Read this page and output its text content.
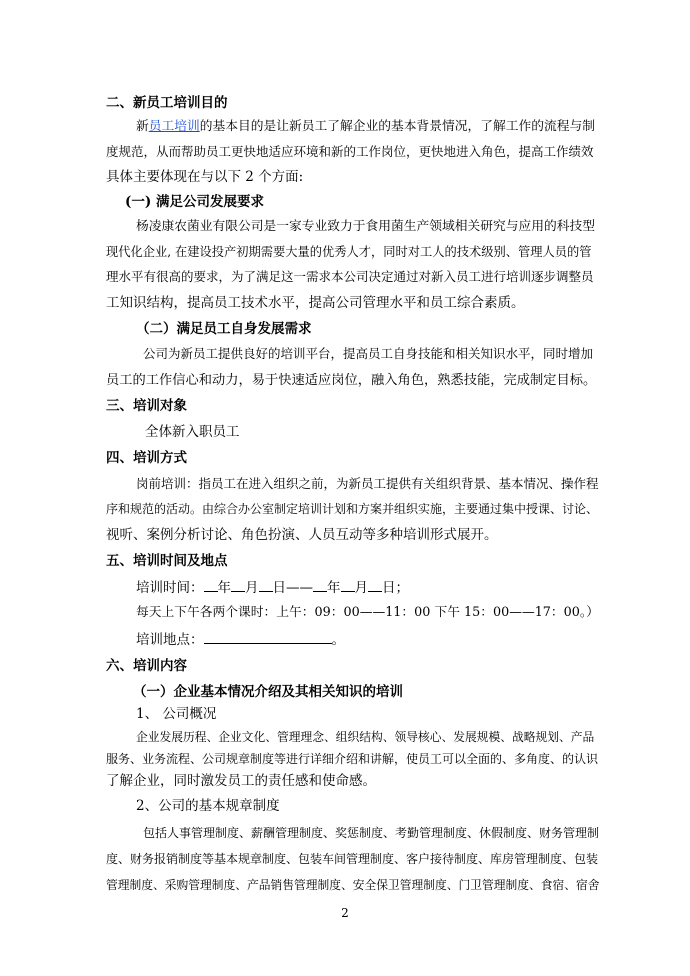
二、新员工培训目的
新员工培训的基本目的是让新员工了解企业的基本背景情况，了解工作的流程与制
度规范，从而帮助员工更快地适应环境和新的工作岗位，更快地进入角色，提高工作绩效
具体主要体现在与以下 2 个方面:
(一) 满足公司发展要求
杨凌康农菌业有限公司是一家专业致力于食用菌生产领域相关研究与应用的科技型
现代化企业, 在建设投产初期需要大量的优秀人才，同时对工人的技术级别、管理人员的管
理水平有很高的要求，为了满足这一需求本公司决定通过对新入员工进行培训逐步调整员
工知识结构，提高员工技术水平，提高公司管理水平和员工综合素质。
（二）满足员工自身发展需求
公司为新员工提供良好的培训平台，提高员工自身技能和相关知识水平，同时增加
员工的工作信心和动力，易于快速适应岗位，融入角色，熟悉技能，完成制定目标。
三、培训对象
全体新入职员工
四、培训方式
岗前培训：指员工在进入组织之前，为新员工提供有关组织背景、基本情况、操作程
序和规范的活动。由综合办公室制定培训计划和方案并组织实施，主要通过集中授课、讨论、
视听、案例分析讨论、角色扮演、人员互动等多种培训形式展开。
五、培训时间及地点
培训时间： 年 月 日—— 年 月 日；
每天上下午各两个课时：上午：09：00——11：00 下午 15：00——17：00。）
培训地点：	。
六、培训内容
（一）企业基本情况介绍及其相关知识的培训
1、 公司概况
企业发展历程、企业文化、管理理念、组织结构、领导核心、发展规模、战略规划、产品
服务、业务流程、公司规章制度等进行详细介绍和讲解，使员工可以全面的、多角度、的认识
了解企业，同时激发员工的责任感和使命感。
2、公司的基本规章制度
包括人事管理制度、薪酬管理制度、奖惩制度、考勤管理制度、休假制度、财务管理制
度、财务报销制度等基本规章制度、包装车间管理制度、客户接待制度、库房管理制度、包装
管理制度、采购管理制度、产品销售管理制度、安全保卫管理制度、门卫管理制度、食宿、宿舍
2
